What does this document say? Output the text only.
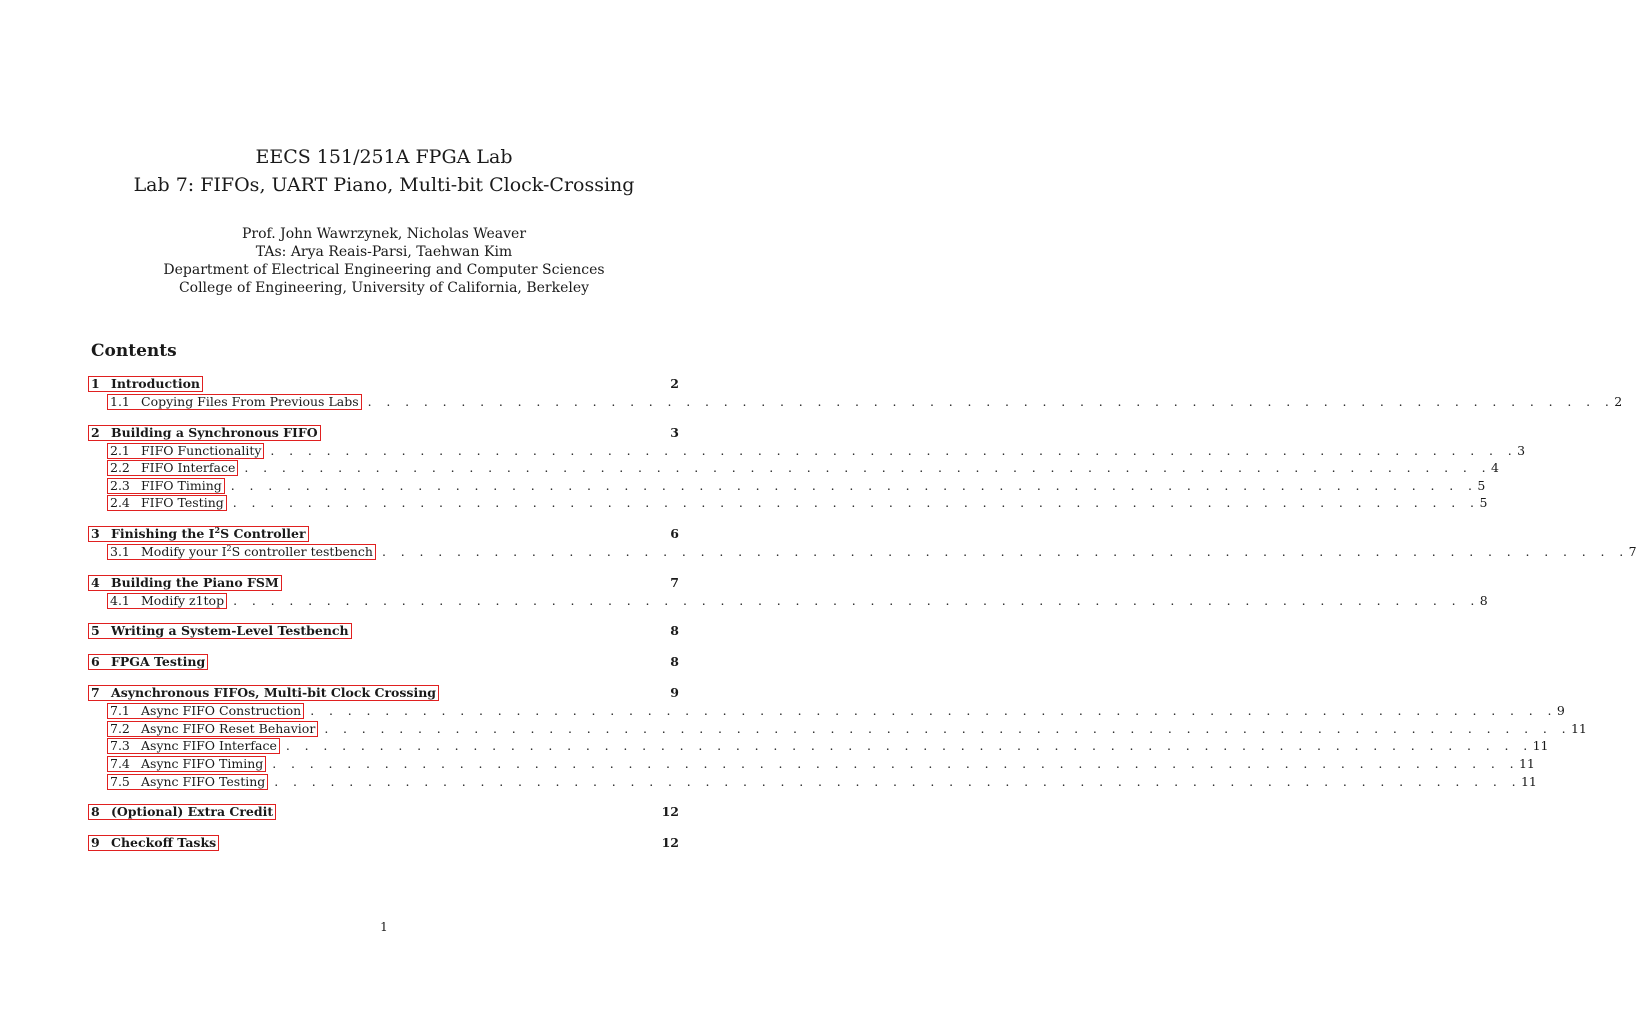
EECS 151/251A FPGA Lab
Lab 7: FIFOs, UART Piano, Multi-bit Clock-Crossing
Prof. John Wawrzynek, Nicholas Weaver
TAs: Arya Reais-Parsi, Taehwan Kim
Department of Electrical Engineering and Computer Sciences
College of Engineering, University of California, Berkeley
Contents
1 Introduction	2
1.1 Copying Files From Previous Labs . . . . . . . . . . . . . . . . . . . . . . . . . . . . . . . . . . . . . . . . . . . . . . . . . . . . . . . . . . . . . . . . . . . 2
2 Building a Synchronous FIFO	3
2.1 FIFO Functionality . . . . . . . . . . . . . . . . . . . . . . . . . . . . . . . . . . . . . . . . . . . . . . . . . . . . . . . . . . . . . . . . . . . 3
2.2 FIFO Interface . . . . . . . . . . . . . . . . . . . . . . . . . . . . . . . . . . . . . . . . . . . . . . . . . . . . . . . . . . . . . . . . . . . 4
2.3 FIFO Timing . . . . . . . . . . . . . . . . . . . . . . . . . . . . . . . . . . . . . . . . . . . . . . . . . . . . . . . . . . . . . . . . . . . 5
2.4 FIFO Testing . . . . . . . . . . . . . . . . . . . . . . . . . . . . . . . . . . . . . . . . . . . . . . . . . . . . . . . . . . . . . . . . . . . 5
3 Finishing the $I^2S$ Controller	6
3.1 Modify your $I^2S$ controller testbench . . . . . . . . . . . . . . . . . . . . . . . . . . . . . . . . . . . . . . . . . . . . . . . . . . . . . . . . . . . . . . . . . . . 7
4 Building the Piano FSM	7
4.1 Modify z1top . . . . . . . . . . . . . . . . . . . . . . . . . . . . . . . . . . . . . . . . . . . . . . . . . . . . . . . . . . . . . . . . . . . 8
5 Writing a System-Level Testbench	8
6 FPGA Testing	8
7 Asynchronous FIFOs, Multi-bit Clock Crossing	9
7.1 Async FIFO Construction . . . . . . . . . . . . . . . . . . . . . . . . . . . . . . . . . . . . . . . . . . . . . . . . . . . . . . . . . . . . . . . . . . . 9
7.2 Async FIFO Reset Behavior . . . . . . . . . . . . . . . . . . . . . . . . . . . . . . . . . . . . . . . . . . . . . . . . . . . . . . . . . . . . . . . . . . . 11
7.3 Async FIFO Interface . . . . . . . . . . . . . . . . . . . . . . . . . . . . . . . . . . . . . . . . . . . . . . . . . . . . . . . . . . . . . . . . . . . 11
7.4 Async FIFO Timing . . . . . . . . . . . . . . . . . . . . . . . . . . . . . . . . . . . . . . . . . . . . . . . . . . . . . . . . . . . . . . . . . . . 11
7.5 Async FIFO Testing . . . . . . . . . . . . . . . . . . . . . . . . . . . . . . . . . . . . . . . . . . . . . . . . . . . . . . . . . . . . . . . . . . . 11
8 (Optional) Extra Credit	12
9 Checkoff Tasks	12
1
